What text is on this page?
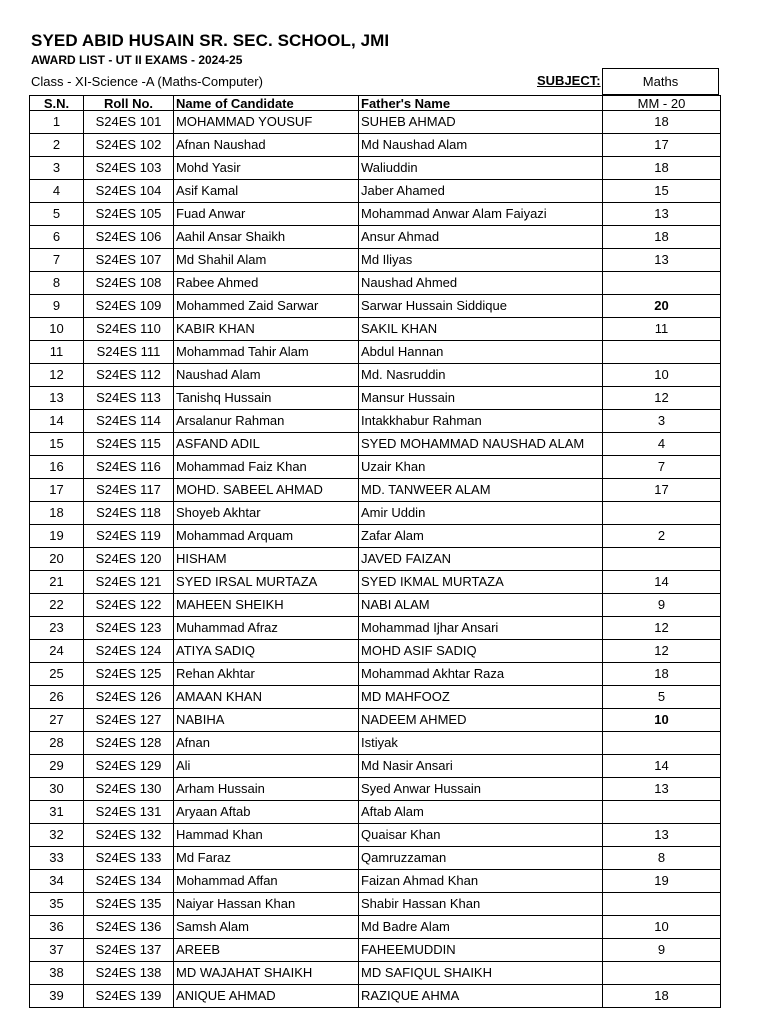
SYED ABID HUSAIN SR. SEC. SCHOOL, JMI
AWARD LIST - UT II EXAMS - 2024-25
Class - XI-Science -A (Maths-Computer)	SUBJECT:	Maths
S.N.	Roll No.	Name of Candidate	Father's Name	MM - 20
1	S24ES 101	MOHAMMAD YOUSUF	SUHEB AHMAD	18
2	S24ES 102	Afnan Naushad	Md Naushad Alam	17
3	S24ES 103	Mohd Yasir	Waliuddin	18
4	S24ES 104	Asif Kamal	Jaber Ahamed	15
5	S24ES 105	Fuad Anwar	Mohammad Anwar Alam Faiyazi	13
6	S24ES 106	Aahil Ansar Shaikh	Ansur Ahmad	18
7	S24ES 107	Md Shahil Alam	Md Iliyas	13
8	S24ES 108	Rabee Ahmed	Naushad Ahmed	
9	S24ES 109	Mohammed Zaid Sarwar	Sarwar Hussain Siddique	20
10	S24ES 110	KABIR KHAN	SAKIL KHAN	11
11	S24ES 111	Mohammad Tahir Alam	Abdul Hannan	
12	S24ES 112	Naushad Alam	Md. Nasruddin	10
13	S24ES 113	Tanishq Hussain	Mansur Hussain	12
14	S24ES 114	Arsalanur Rahman	Intakkhabur Rahman	3
15	S24ES 115	ASFAND ADIL	SYED MOHAMMAD NAUSHAD ALAM	4
16	S24ES 116	Mohammad Faiz Khan	Uzair Khan	7
17	S24ES 117	MOHD. SABEEL AHMAD	MD. TANWEER ALAM	17
18	S24ES 118	Shoyeb Akhtar	Amir Uddin	
19	S24ES 119	Mohammad Arquam	Zafar Alam	2
20	S24ES 120	HISHAM	JAVED FAIZAN	
21	S24ES 121	SYED IRSAL MURTAZA	SYED IKMAL MURTAZA	14
22	S24ES 122	MAHEEN SHEIKH	NABI ALAM	9
23	S24ES 123	Muhammad Afraz	Mohammad Ijhar Ansari	12
24	S24ES 124	ATIYA SADIQ	MOHD ASIF SADIQ	12
25	S24ES 125	Rehan Akhtar	Mohammad Akhtar Raza	18
26	S24ES 126	AMAAN KHAN	MD MAHFOOZ	5
27	S24ES 127	NABIHA	NADEEM AHMED	10
28	S24ES 128	Afnan	Istiyak	
29	S24ES 129	Ali	Md Nasir Ansari	14
30	S24ES 130	Arham Hussain	Syed Anwar Hussain	13
31	S24ES 131	Aryaan Aftab	Aftab Alam	
32	S24ES 132	Hammad Khan	Quaisar Khan	13
33	S24ES 133	Md Faraz	Qamruzzaman	8
34	S24ES 134	Mohammad Affan	Faizan Ahmad Khan	19
35	S24ES 135	Naiyar Hassan Khan	Shabir Hassan Khan	
36	S24ES 136	Samsh Alam	Md Badre Alam	10
37	S24ES 137	AREEB	FAHEEMUDDIN	9
38	S24ES 138	MD WAJAHAT SHAIKH	MD SAFIQUL SHAIKH	
39	S24ES 139	ANIQUE AHMAD	RAZIQUE AHMA	18
